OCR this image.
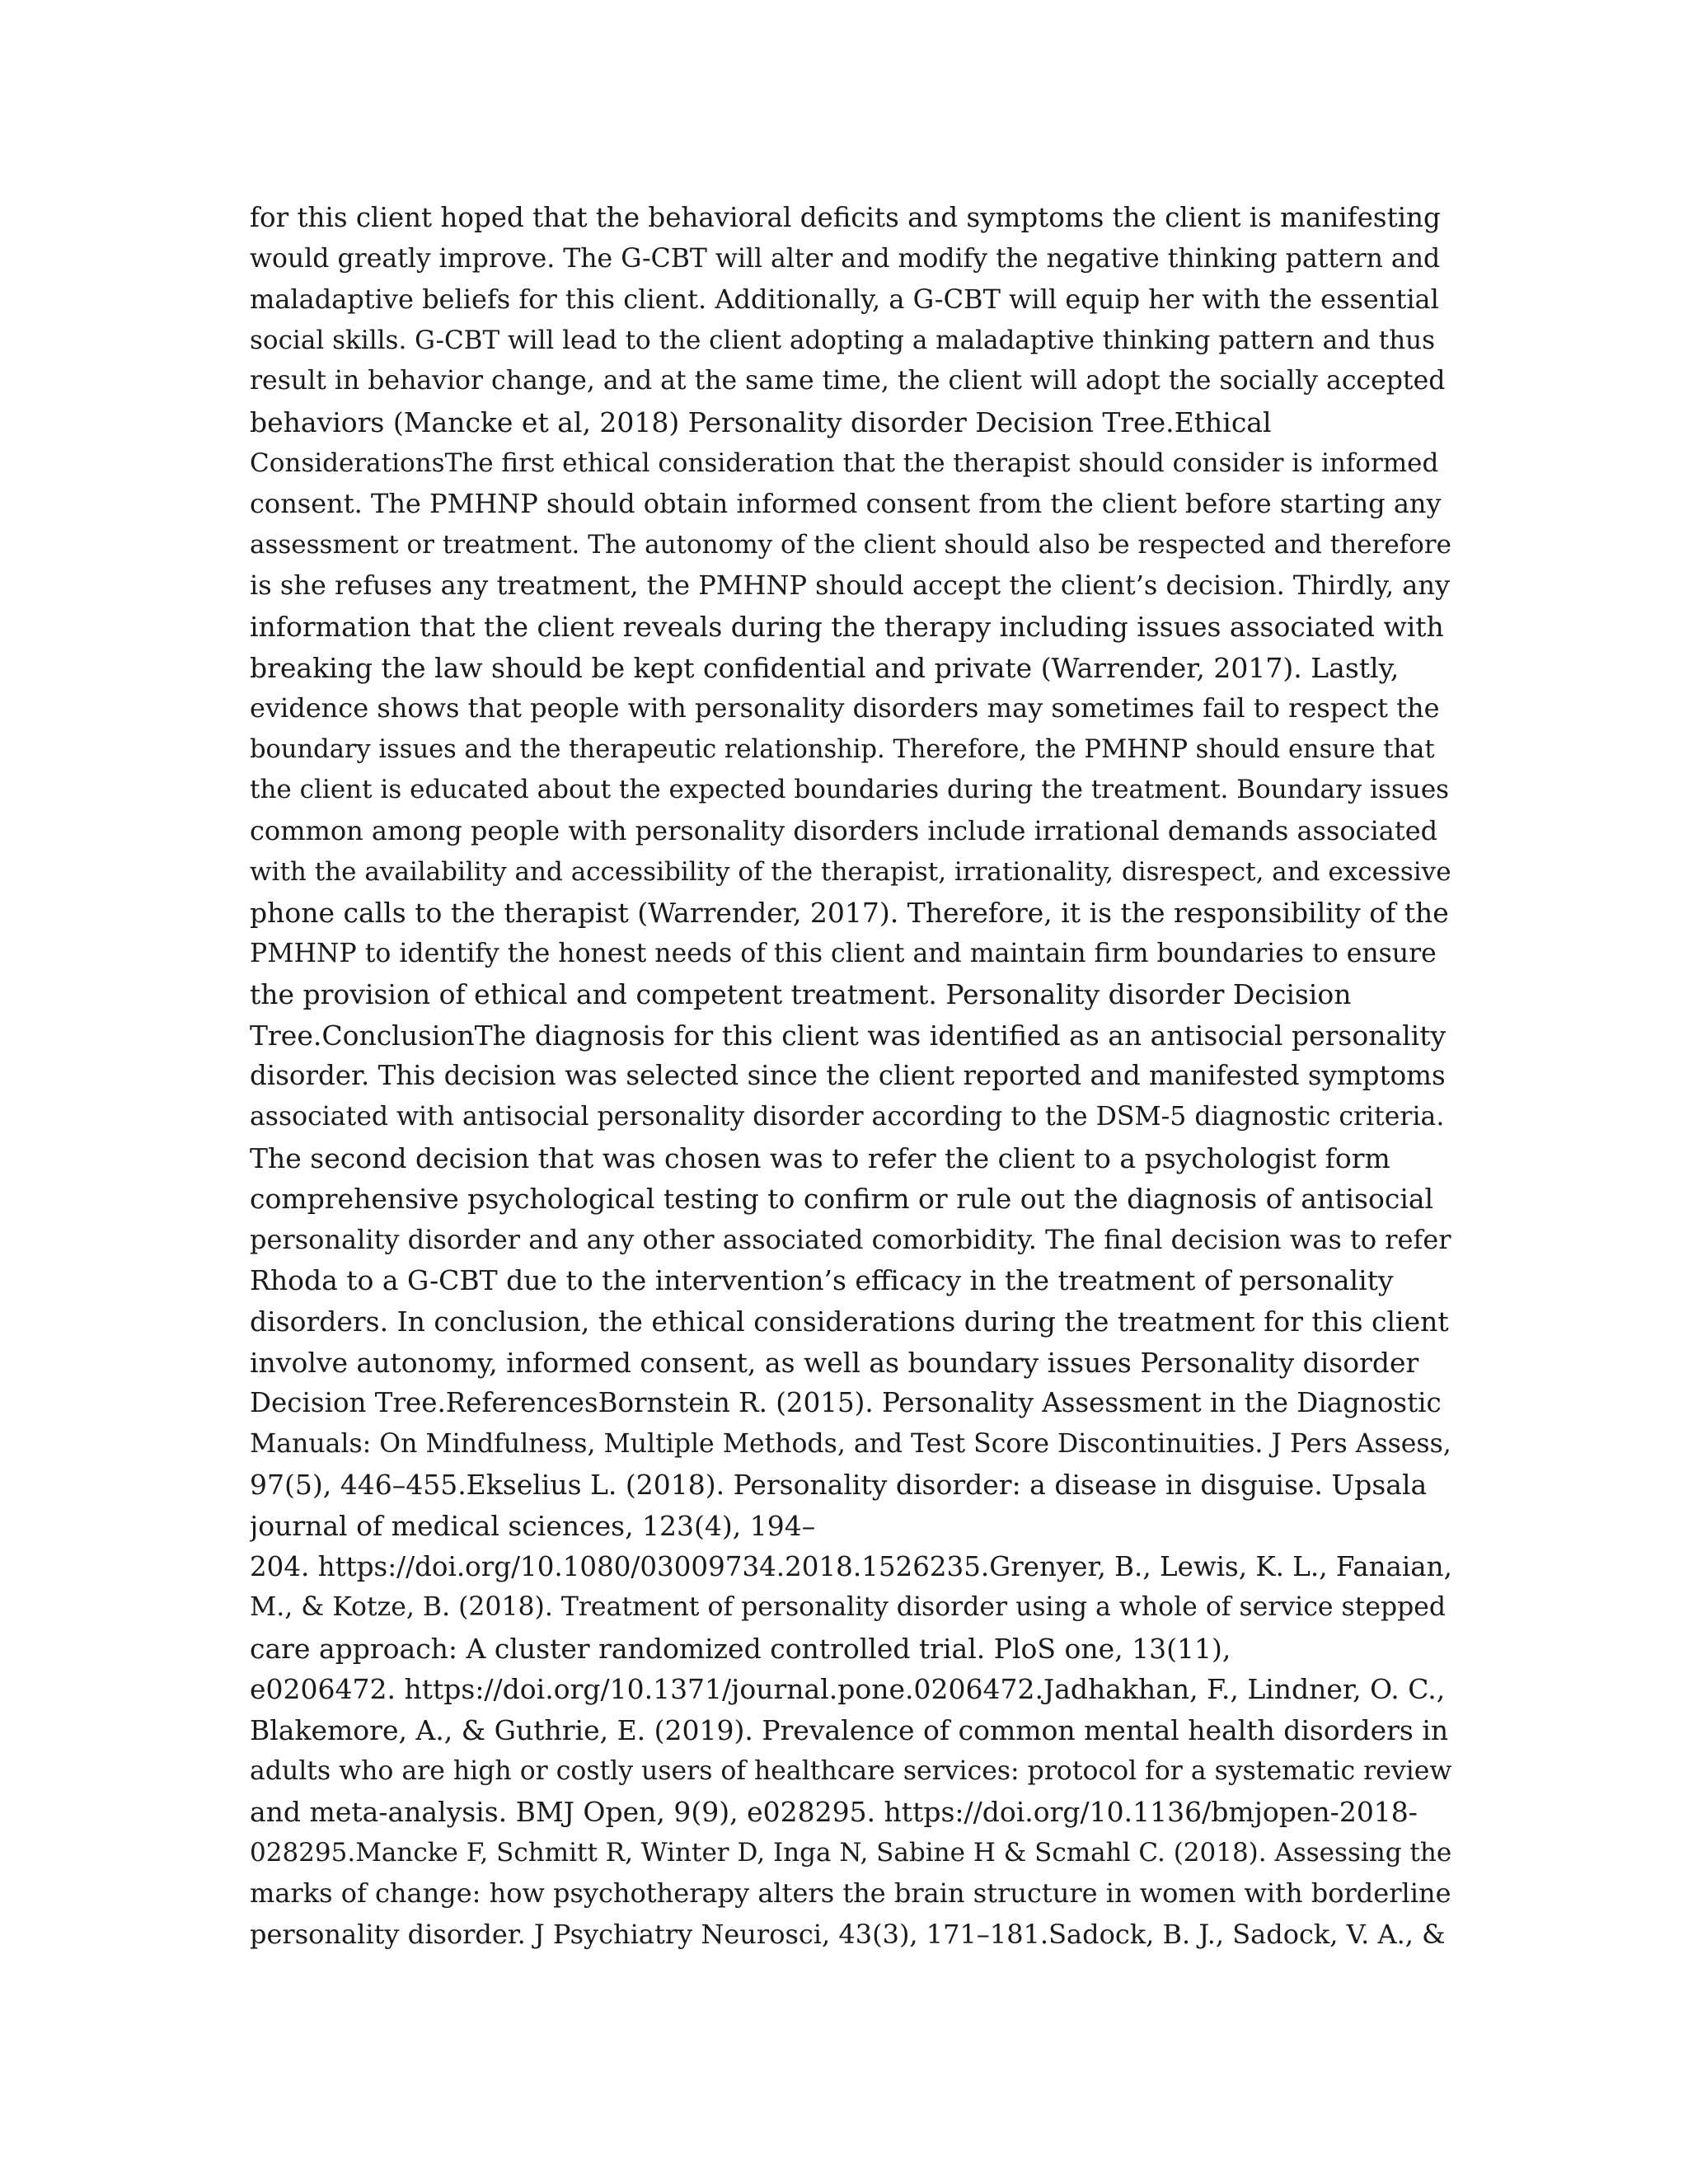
for this client hoped that the behavioral deficits and symptoms the client is manifesting
would greatly improve. The G-CBT will alter and modify the negative thinking pattern and
maladaptive beliefs for this client. Additionally, a G-CBT will equip her with the essential
social skills. G-CBT will lead to the client adopting a maladaptive thinking pattern and thus
result in behavior change, and at the same time, the client will adopt the socially accepted
behaviors (Mancke et al, 2018) Personality disorder Decision Tree.Ethical
ConsiderationsThe first ethical consideration that the therapist should consider is informed
consent. The PMHNP should obtain informed consent from the client before starting any
assessment or treatment. The autonomy of the client should also be respected and therefore
is she refuses any treatment, the PMHNP should accept the client’s decision. Thirdly, any
information that the client reveals during the therapy including issues associated with
breaking the law should be kept confidential and private (Warrender, 2017). Lastly,
evidence shows that people with personality disorders may sometimes fail to respect the
boundary issues and the therapeutic relationship. Therefore, the PMHNP should ensure that
the client is educated about the expected boundaries during the treatment. Boundary issues
common among people with personality disorders include irrational demands associated
with the availability and accessibility of the therapist, irrationality, disrespect, and excessive
phone calls to the therapist (Warrender, 2017). Therefore, it is the responsibility of the
PMHNP to identify the honest needs of this client and maintain firm boundaries to ensure
the provision of ethical and competent treatment. Personality disorder Decision
Tree.ConclusionThe diagnosis for this client was identified as an antisocial personality
disorder. This decision was selected since the client reported and manifested symptoms
associated with antisocial personality disorder according to the DSM-5 diagnostic criteria.
The second decision that was chosen was to refer the client to a psychologist form
comprehensive psychological testing to confirm or rule out the diagnosis of antisocial
personality disorder and any other associated comorbidity. The final decision was to refer
Rhoda to a G-CBT due to the intervention’s efficacy in the treatment of personality
disorders. In conclusion, the ethical considerations during the treatment for this client
involve autonomy, informed consent, as well as boundary issues Personality disorder
Decision Tree.ReferencesBornstein R. (2015). Personality Assessment in the Diagnostic
Manuals: On Mindfulness, Multiple Methods, and Test Score Discontinuities. J Pers Assess,
97(5), 446–455.Ekselius L. (2018). Personality disorder: a disease in disguise. Upsala
journal of medical sciences, 123(4), 194–
204. https://doi.org/10.1080/03009734.2018.1526235.Grenyer, B., Lewis, K. L., Fanaian,
M., & Kotze, B. (2018). Treatment of personality disorder using a whole of service stepped
care approach: A cluster randomized controlled trial. PloS one, 13(11),
e0206472. https://doi.org/10.1371/journal.pone.0206472.Jadhakhan, F., Lindner, O. C.,
Blakemore, A., & Guthrie, E. (2019). Prevalence of common mental health disorders in
adults who are high or costly users of healthcare services: protocol for a systematic review
and meta-analysis. BMJ Open, 9(9), e028295. https://doi.org/10.1136/bmjopen-2018-
028295.Mancke F, Schmitt R, Winter D, Inga N, Sabine H & Scmahl C. (2018). Assessing the
marks of change: how psychotherapy alters the brain structure in women with borderline
personality disorder. J Psychiatry Neurosci, 43(3), 171–181.Sadock, B. J., Sadock, V. A., &
